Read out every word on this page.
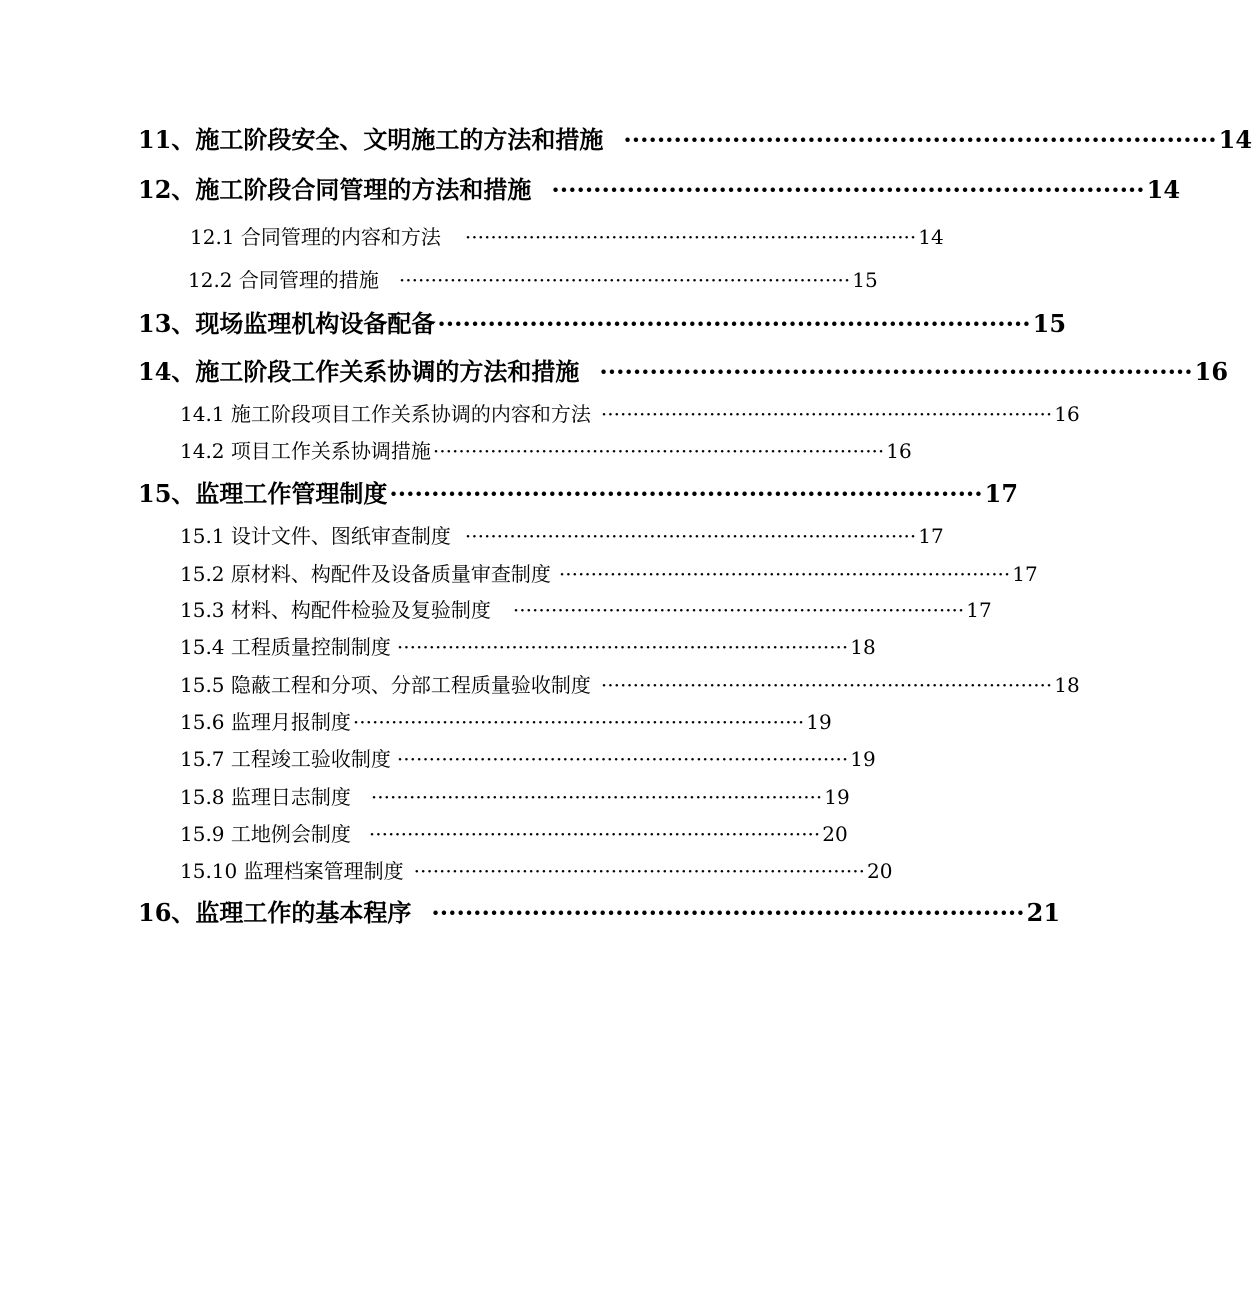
11、施工阶段安全、文明施工的方法和措施 ······································································· 14
12、施工阶段合同管理的方法和措施 ······································································· 14
12.1 合同管理的内容和方法 ······································································· 14
12.2 合同管理的措施 ······································································· 15
13、现场监理机构设备配备 ······································································· 15
14、施工阶段工作关系协调的方法和措施 ······································································· 16
14.1 施工阶段项目工作关系协调的内容和方法 ······································································· 16
14.2 项目工作关系协调措施 ······································································· 16
15、监理工作管理制度 ······································································· 17
15.1 设计文件、图纸审查制度 ······································································· 17
15.2 原材料、构配件及设备质量审查制度 ······································································· 17
15.3 材料、构配件检验及复验制度 ······································································· 17
15.4 工程质量控制制度 ······································································· 18
15.5 隐蔽工程和分项、分部工程质量验收制度 ······································································· 18
15.6 监理月报制度 ······································································· 19
15.7 工程竣工验收制度 ······································································· 19
15.8 监理日志制度 ······································································· 19
15.9 工地例会制度 ······································································· 20
15.10 监理档案管理制度 ······································································· 20
16、监理工作的基本程序 ······································································· 21
